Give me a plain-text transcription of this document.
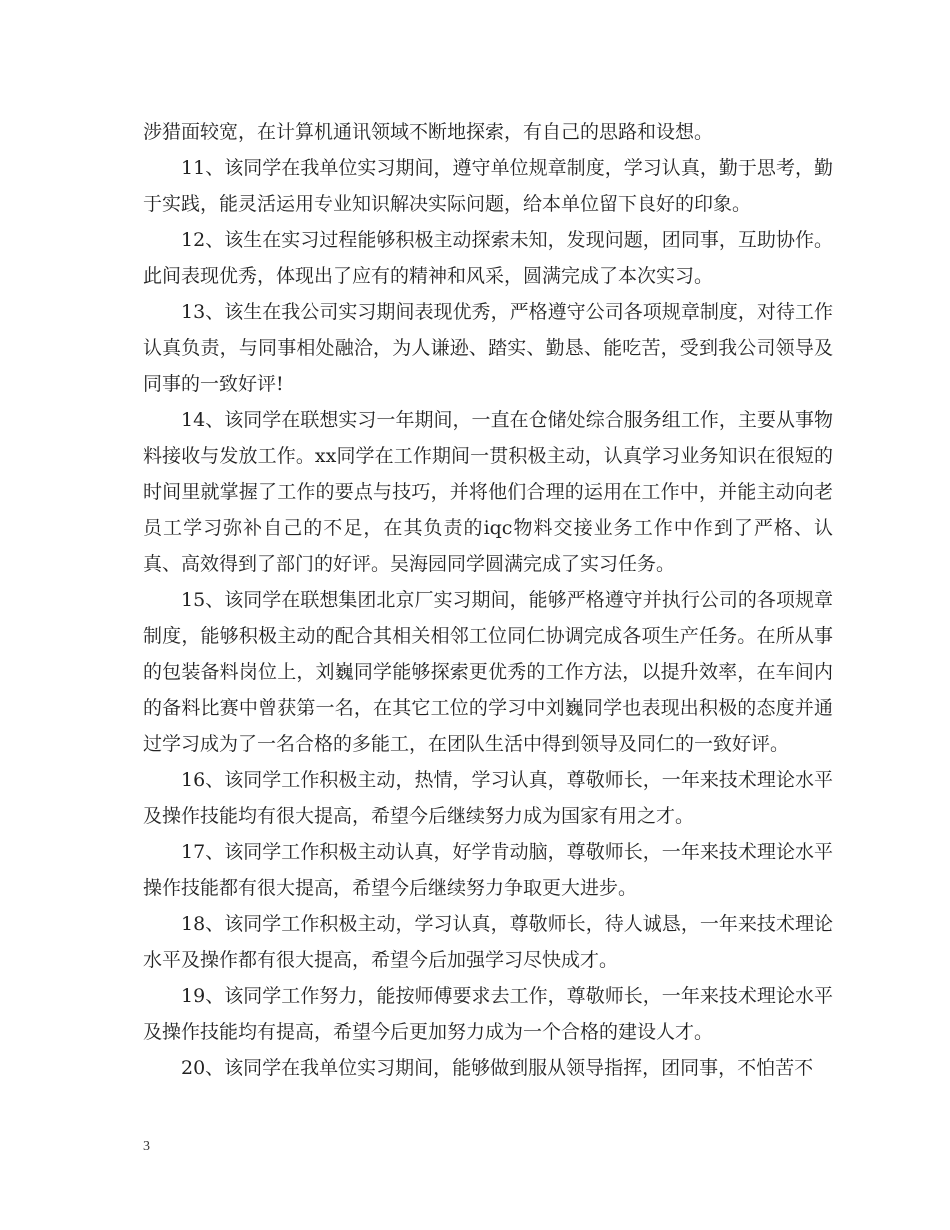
涉猎面较宽，在计算机通讯领域不断地探索，有自己的思路和设想。

11、该同学在我单位实习期间，遵守单位规章制度，学习认真，勤于思考，勤于实践，能灵活运用专业知识解决实际问题，给本单位留下良好的印象。

12、该生在实习过程能够积极主动探索未知，发现问题，团同事，互助协作。此间表现优秀，体现出了应有的精神和风采，圆满完成了本次实习。

13、该生在我公司实习期间表现优秀，严格遵守公司各项规章制度，对待工作认真负责，与同事相处融洽，为人谦逊、踏实、勤恳、能吃苦，受到我公司领导及同事的一致好评!

14、该同学在联想实习一年期间，一直在仓储处综合服务组工作，主要从事物料接收与发放工作。xx同学在工作期间一贯积极主动，认真学习业务知识在很短的时间里就掌握了工作的要点与技巧，并将他们合理的运用在工作中，并能主动向老员工学习弥补自己的不足，在其负责的iqc物料交接业务工作中作到了严格、认真、高效得到了部门的好评。吴海园同学圆满完成了实习任务。

15、该同学在联想集团北京厂实习期间，能够严格遵守并执行公司的各项规章制度，能够积极主动的配合其相关相邻工位同仁协调完成各项生产任务。在所从事的包装备料岗位上，刘巍同学能够探索更优秀的工作方法，以提升效率，在车间内的备料比赛中曾获第一名，在其它工位的学习中刘巍同学也表现出积极的态度并通过学习成为了一名合格的多能工，在团队生活中得到领导及同仁的一致好评。

16、该同学工作积极主动，热情，学习认真，尊敬师长，一年来技术理论水平及操作技能均有很大提高，希望今后继续努力成为国家有用之才。

17、该同学工作积极主动认真，好学肯动脑，尊敬师长，一年来技术理论水平操作技能都有很大提高，希望今后继续努力争取更大进步。

18、该同学工作积极主动，学习认真，尊敬师长，待人诚恳，一年来技术理论水平及操作都有很大提高，希望今后加强学习尽快成才。

19、该同学工作努力，能按师傅要求去工作，尊敬师长，一年来技术理论水平及操作技能均有提高，希望今后更加努力成为一个合格的建设人才。

20、该同学在我单位实习期间，能够做到服从领导指挥，团同事，不怕苦不

3
